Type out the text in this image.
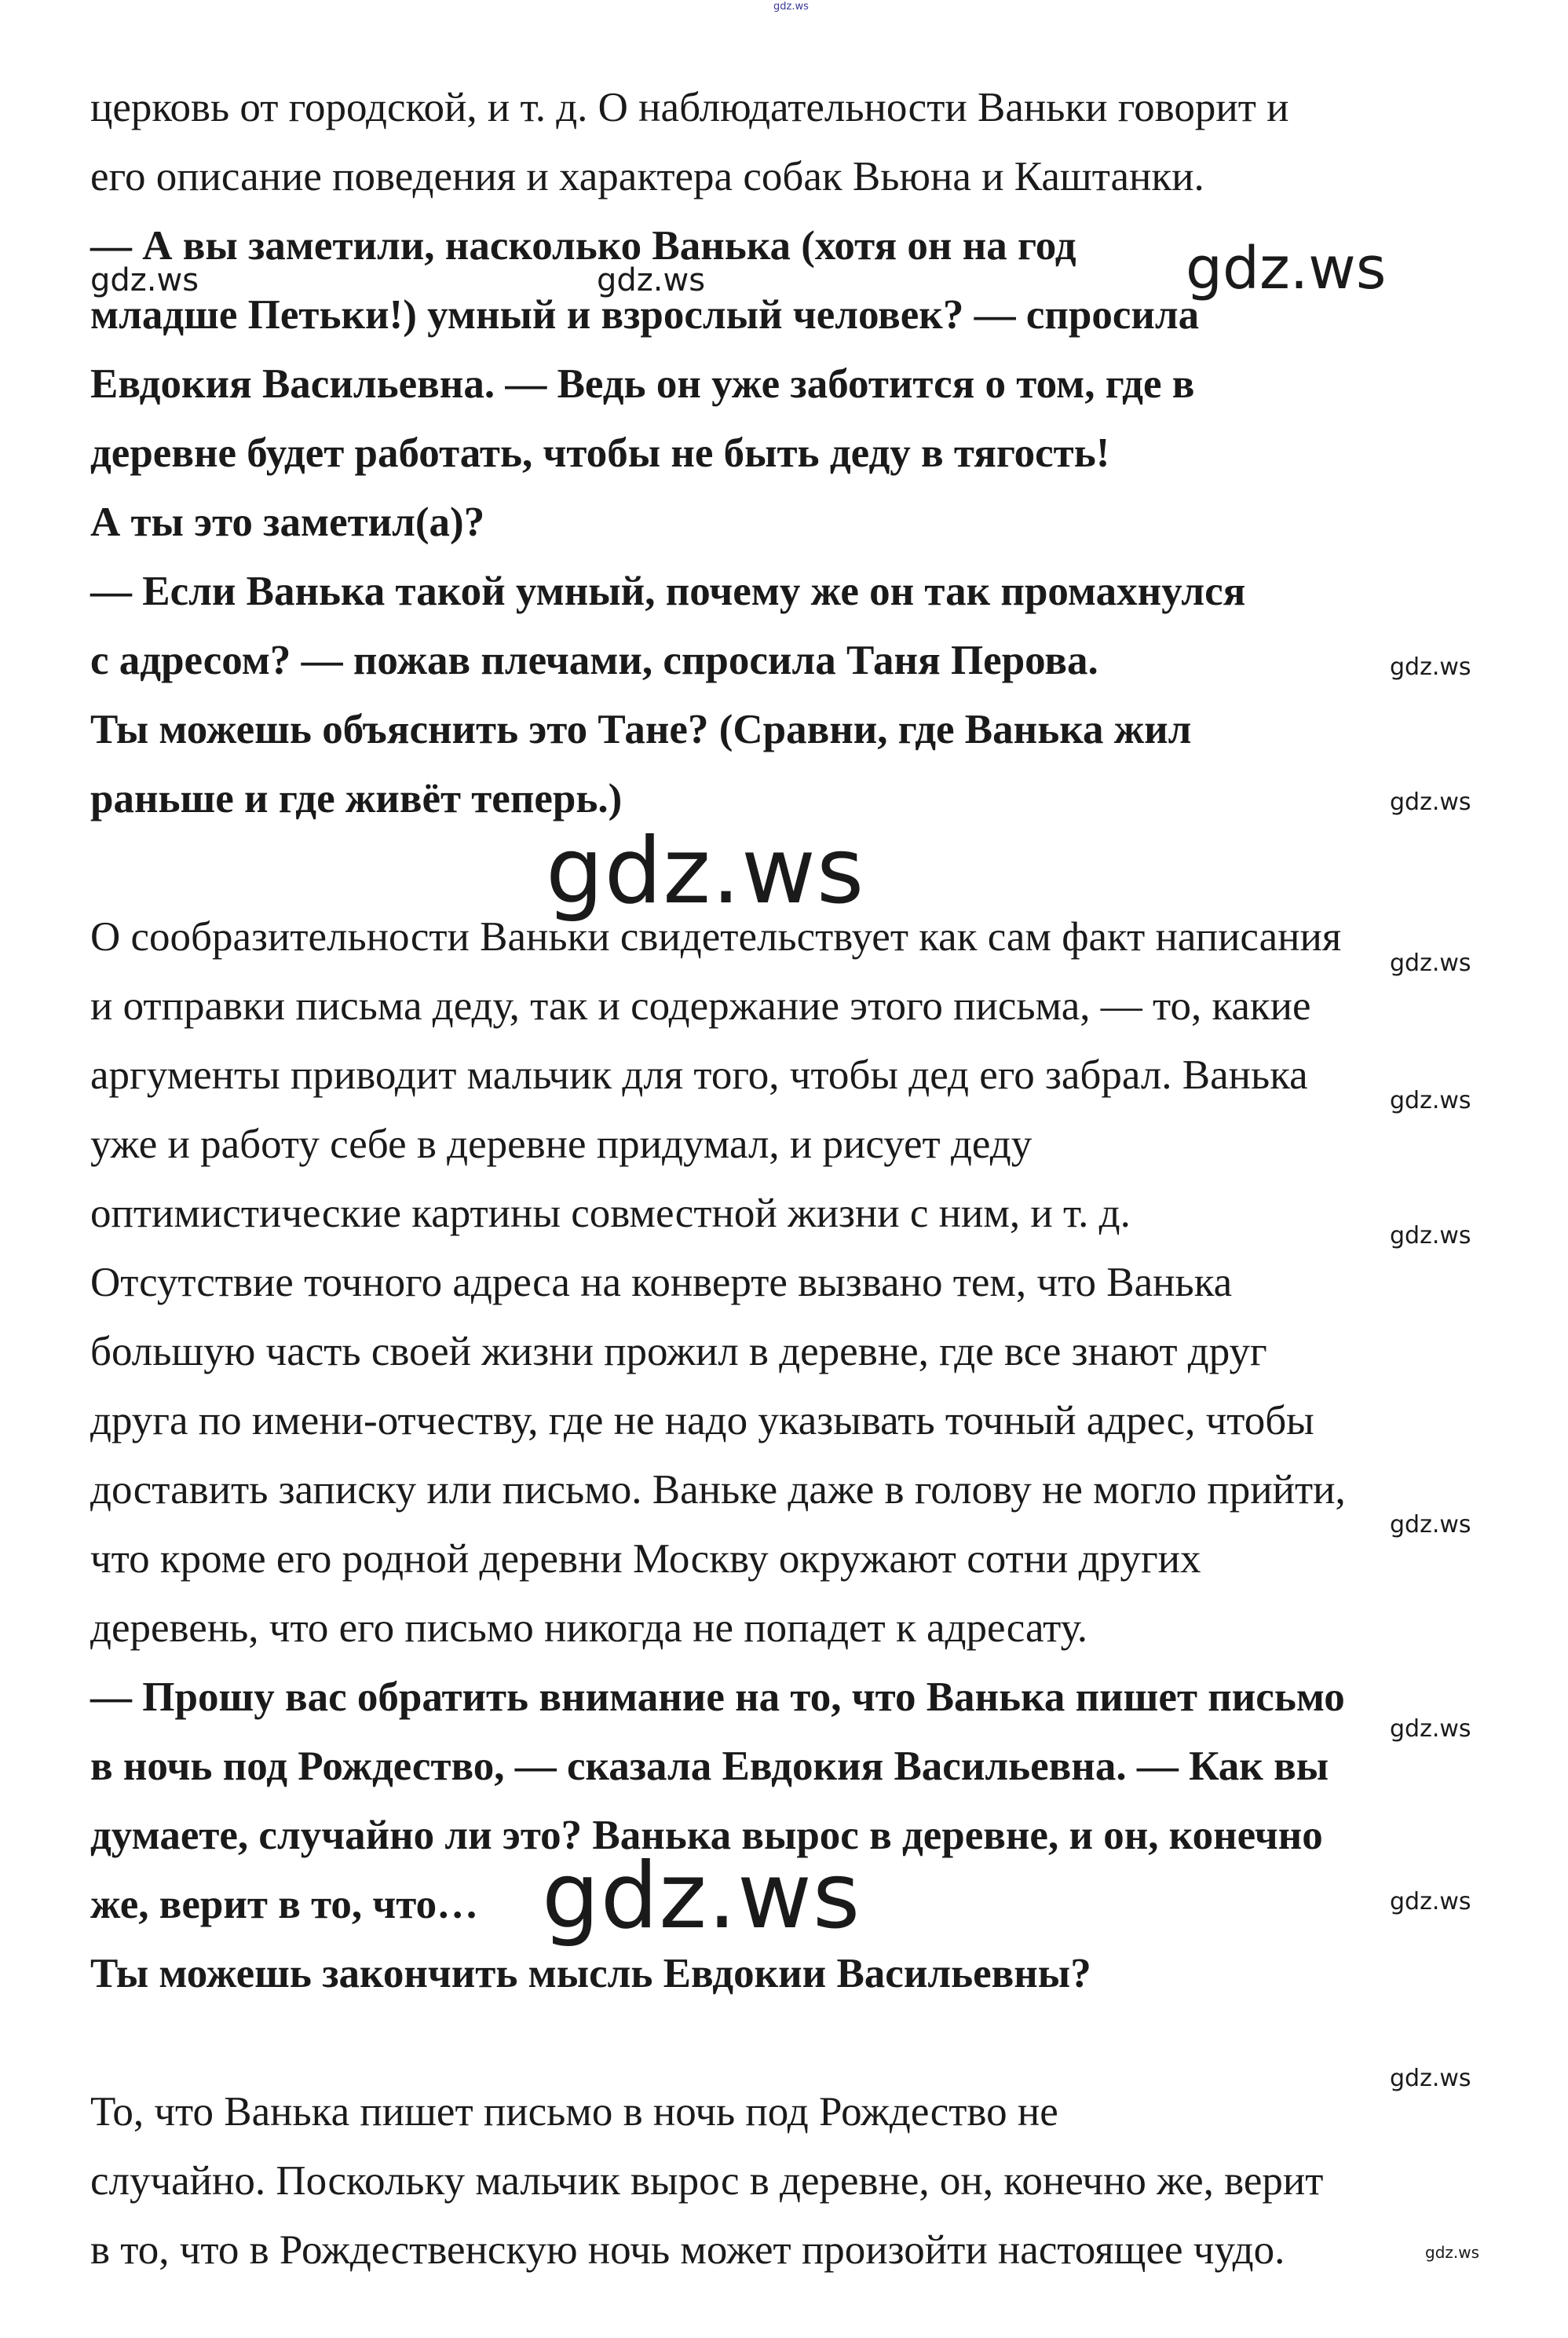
gdz.ws
церковь от городской, и т. д. О наблюдательности Ваньки говорит и
его описание поведения и характера собак Вьюна и Каштанки.
— А вы заметили, насколько Ванька (хотя он на год
младше Петьки!) умный и взрослый человек? — спросила
Евдокия Васильевна. — Ведь он уже заботится о том, где в
деревне будет работать, чтобы не быть деду в тягость!
А ты это заметил(а)?
— Если Ванька такой умный, почему же он так промахнулся
с адресом? — пожав плечами, спросила Таня Перова.
Ты можешь объяснить это Тане? (Сравни, где Ванька жил
раньше и где живёт теперь.)
О сообразительности Ваньки свидетельствует как сам факт написания
и отправки письма деду, так и содержание этого письма, — то, какие
аргументы приводит мальчик для того, чтобы дед его забрал. Ванька
уже и работу себе в деревне придумал, и рисует деду
оптимистические картины совместной жизни с ним, и т. д.
Отсутствие точного адреса на конверте вызвано тем, что Ванька
большую часть своей жизни прожил в деревне, где все знают друг
друга по имени-отчеству, где не надо указывать точный адрес, чтобы
доставить записку или письмо. Ваньке даже в голову не могло прийти,
что кроме его родной деревни Москву окружают сотни других
деревень, что его письмо никогда не попадет к адресату.
— Прошу вас обратить внимание на то, что Ванька пишет письмо
в ночь под Рождество, — сказала Евдокия Васильевна. — Как вы
думаете, случайно ли это? Ванька вырос в деревне, и он, конечно
же, верит в то, что…
Ты можешь закончить мысль Евдокии Васильевны?
То, что Ванька пишет письмо в ночь под Рождество не
случайно. Поскольку мальчик вырос в деревне, он, конечно же, верит
в то, что в Рождественскую ночь может произойти настоящее чудо.
gdz.ws	gdz.ws	gdz.ws
gdz.ws
gdz.ws
gdz.ws
gdz.ws
gdz.ws
gdz.ws
gdz.ws
gdz.ws
gdz.ws	gdz.ws
gdz.ws
gdz.ws
